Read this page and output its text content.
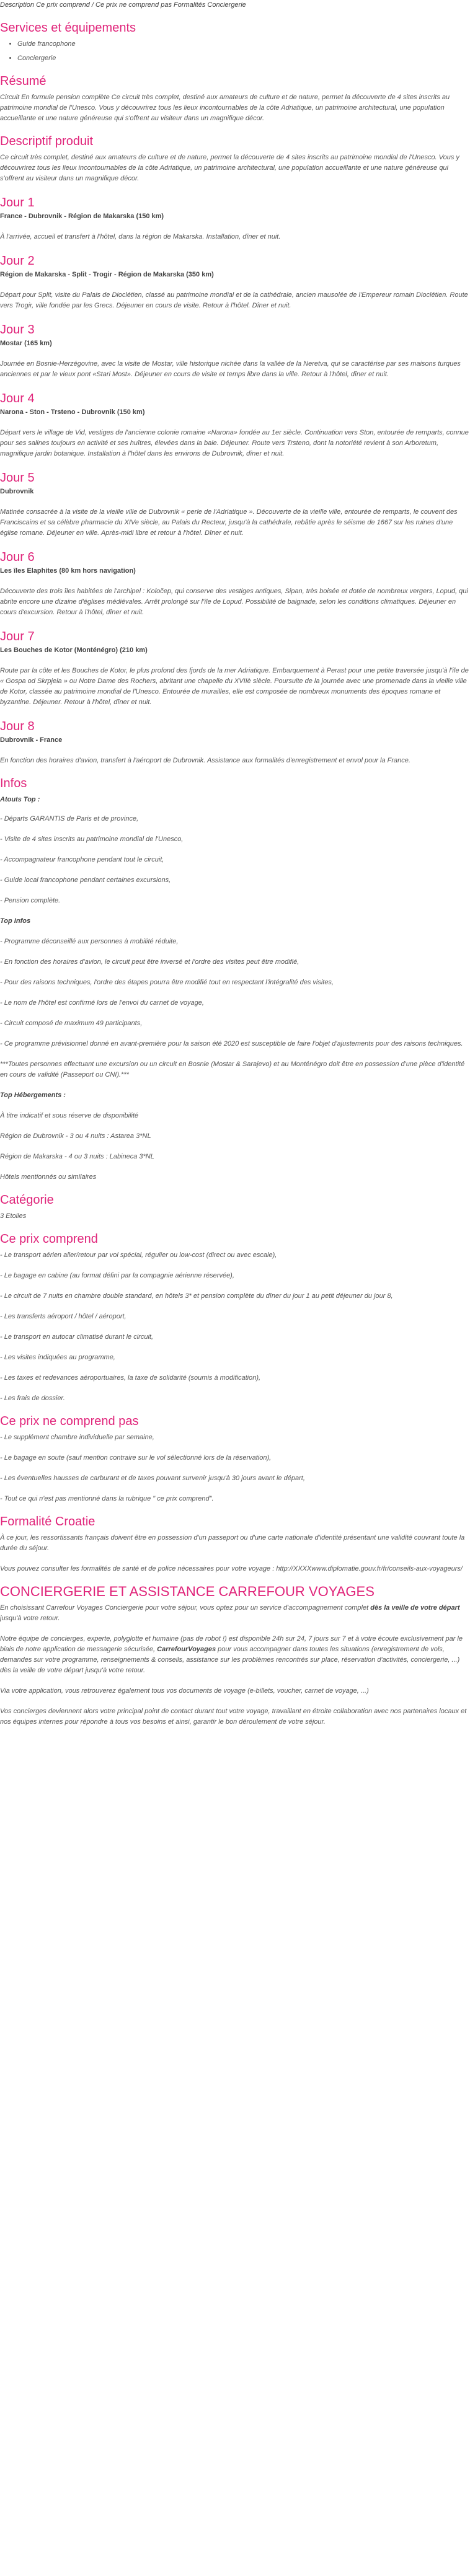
Description Ce prix comprend / Ce prix ne comprend pas Formalités Conciergerie
Services et équipements
• Guide francophone
• Conciergerie
Résumé

Circuit En formule pension complète Ce circuit très complet, destiné aux amateurs de culture et de nature, permet la découverte de 4 sites inscrits au patrimoine mondial de l'Unesco. Vous y découvrirez tous les lieux incontournables de la côte Adriatique, un patrimoine architectural, une population accueillante et une nature généreuse qui s'offrent au visiteur dans un magnifique décor.

Descriptif produit

Ce circuit très complet, destiné aux amateurs de culture et de nature, permet la découverte de 4 sites inscrits au patrimoine mondial de l'Unesco. Vous y découvrirez tous les lieux incontournables de la côte Adriatique, un patrimoine architectural, une population accueillante et une nature généreuse qui s'offrent au visiteur dans un magnifique décor.

Jour 1
France - Dubrovnik - Région de Makarska (150 km)

À l'arrivée, accueil et transfert à l'hôtel, dans la région de Makarska. Installation, dîner et nuit.

Jour 2
Région de Makarska - Split - Trogir - Région de Makarska (350 km)

Départ pour Split, visite du Palais de Dioclétien, classé au patrimoine mondial et de la cathédrale, ancien mausolée de l'Empereur romain Dioclétien. Route vers Trogir, ville fondée par les Grecs. Déjeuner en cours de visite. Retour à l'hôtel. Dîner et nuit.

Jour 3
Mostar (165 km)

Journée en Bosnie-Herzégovine, avec la visite de Mostar, ville historique nichée dans la vallée de la Neretva, qui se caractérise par ses maisons turques anciennes et par le vieux pont «Stari Most». Déjeuner en cours de visite et temps libre dans la ville. Retour à l'hôtel, dîner et nuit.

Jour 4
Narona - Ston - Trsteno - Dubrovnik (150 km)

Départ vers le village de Vid, vestiges de l'ancienne colonie romaine «Narona» fondée au 1er siècle. Continuation vers Ston, entourée de remparts, connue pour ses salines toujours en activité et ses huîtres, élevées dans la baie. Déjeuner. Route vers Trsteno, dont la notoriété revient à son Arboretum, magnifique jardin botanique. Installation à l'hôtel dans les environs de Dubrovnik, dîner et nuit.

Jour 5
Dubrovnik

Matinée consacrée à la visite de la vieille ville de Dubrovnik « perle de l'Adriatique ». Découverte de la vieille ville, entourée de remparts, le couvent des Franciscains et sa célèbre pharmacie du XIVe siècle, au Palais du Recteur, jusqu'à la cathédrale, rebâtie après le séisme de 1667 sur les ruines d'une église romane. Déjeuner en ville. Après-midi libre et retour à l'hôtel. Dîner et nuit.

Jour 6
Les îles Elaphites (80 km hors navigation)

Découverte des trois îles habitées de l'archipel : Koločep, qui conserve des vestiges antiques, Sipan, très boisée et dotée de nombreux vergers, Lopud, qui abrite encore une dizaine d'églises médiévales. Arrêt prolongé sur l'île de Lopud. Possibilité de baignade, selon les conditions climatiques. Déjeuner en cours d'excursion. Retour à l'hôtel, dîner et nuit.

Jour 7
Les Bouches de Kotor (Monténégro) (210 km)

Route par la côte et les Bouches de Kotor, le plus profond des fjords de la mer Adriatique. Embarquement à Perast pour une petite traversée jusqu'à l'île de « Gospa od Skrpjela » ou Notre Dame des Rochers, abritant une chapelle du XVIIè siècle. Poursuite de la journée avec une promenade dans la vieille ville de Kotor, classée au patrimoine mondial de l'Unesco. Entourée de murailles, elle est composée de nombreux monuments des époques romane et byzantine. Déjeuner. Retour à l'hôtel, dîner et nuit.

Jour 8
Dubrovnik - France

En fonction des horaires d'avion, transfert à l'aéroport de Dubrovnik. Assistance aux formalités d'enregistrement et envol pour la France.

Infos

Atouts Top :

- Départs GARANTIS de Paris et de province,

- Visite de 4 sites inscrits au patrimoine mondial de l'Unesco,

- Accompagnateur francophone pendant tout le circuit,

- Guide local francophone pendant certaines excursions,

- Pension complète.

Top Infos

- Programme déconseillé aux personnes à mobilité réduite,

- En fonction des horaires d'avion, le circuit peut être inversé et l'ordre des visites peut être modifié,

- Pour des raisons techniques, l'ordre des étapes pourra être modifié tout en respectant l'intégralité des visites,

- Le nom de l'hôtel est confirmé lors de l'envoi du carnet de voyage,

- Circuit composé de maximum 49 participants,

- Ce programme prévisionnel donné en avant-première pour la saison été 2020 est susceptible de faire l'objet d'ajustements pour des raisons techniques.

***Toutes personnes effectuant une excursion ou un circuit en Bosnie (Mostar & Sarajevo) et au Monténégro doit être en possession d'une pièce d'identité en cours de validité (Passeport ou CNI).***

Top Hébergements :

À titre indicatif et sous réserve de disponibilité

Région de Dubrovnik - 3 ou 4 nuits : Astarea 3*NL

Région de Makarska - 4 ou 3 nuits : Labineca 3*NL

Hôtels mentionnés ou similaires

Catégorie

3 Etoiles

Ce prix comprend

- Le transport aérien aller/retour par vol spécial, régulier ou low-cost (direct ou avec escale),

- Le bagage en cabine (au format défini par la compagnie aérienne réservée),

- Le circuit de 7 nuits en chambre double standard, en hôtels 3* et pension complète du dîner du jour 1 au petit déjeuner du jour 8,

- Les transferts aéroport / hôtel / aéroport,

- Le transport en autocar climatisé durant le circuit,

- Les visites indiquées au programme,

- Les taxes et redevances aéroportuaires, la taxe de solidarité (soumis à modification),

- Les frais de dossier.

Ce prix ne comprend pas

- Le supplément chambre individuelle par semaine,

- Le bagage en soute (sauf mention contraire sur le vol sélectionné lors de la réservation),

- Les éventuelles hausses de carburant et de taxes pouvant survenir jusqu'à 30 jours avant le départ,

- Tout ce qui n'est pas mentionné dans la rubrique " ce prix comprend".

Formalité Croatie

À ce jour, les ressortissants français doivent être en possession d'un passeport ou d'une carte nationale d'identité présentant une validité couvrant toute la durée du séjour.

Vous pouvez consulter les formalités de santé et de police nécessaires pour votre voyage : http://XXXXwww.diplomatie.gouv.fr/fr/conseils-aux-voyageurs/

CONCIERGERIE ET ASSISTANCE CARREFOUR VOYAGES

En choisissant Carrefour Voyages Conciergerie pour votre séjour, vous optez pour un service d'accompagnement complet dès la veille de votre départ jusqu'à votre retour.

Notre équipe de concierges, experte, polyglotte et humaine (pas de robot !) est disponible 24h sur 24, 7 jours sur 7 et à votre écoute exclusivement par le biais de notre application de messagerie sécurisée, CarrefourVoyages pour vous accompagner dans toutes les situations (enregistrement de vols, demandes sur votre programme, renseignements & conseils, assistance sur les problèmes rencontrés sur place, réservation d'activités, conciergerie, ...) dès la veille de votre départ jusqu'à votre retour.

Via votre application, vous retrouverez également tous vos documents de voyage (e-billets, voucher, carnet de voyage, ...)

Vos concierges deviennent alors votre principal point de contact durant tout votre voyage, travaillant en étroite collaboration avec nos partenaires locaux et nos équipes internes pour répondre à tous vos besoins et ainsi, garantir le bon déroulement de votre séjour.
